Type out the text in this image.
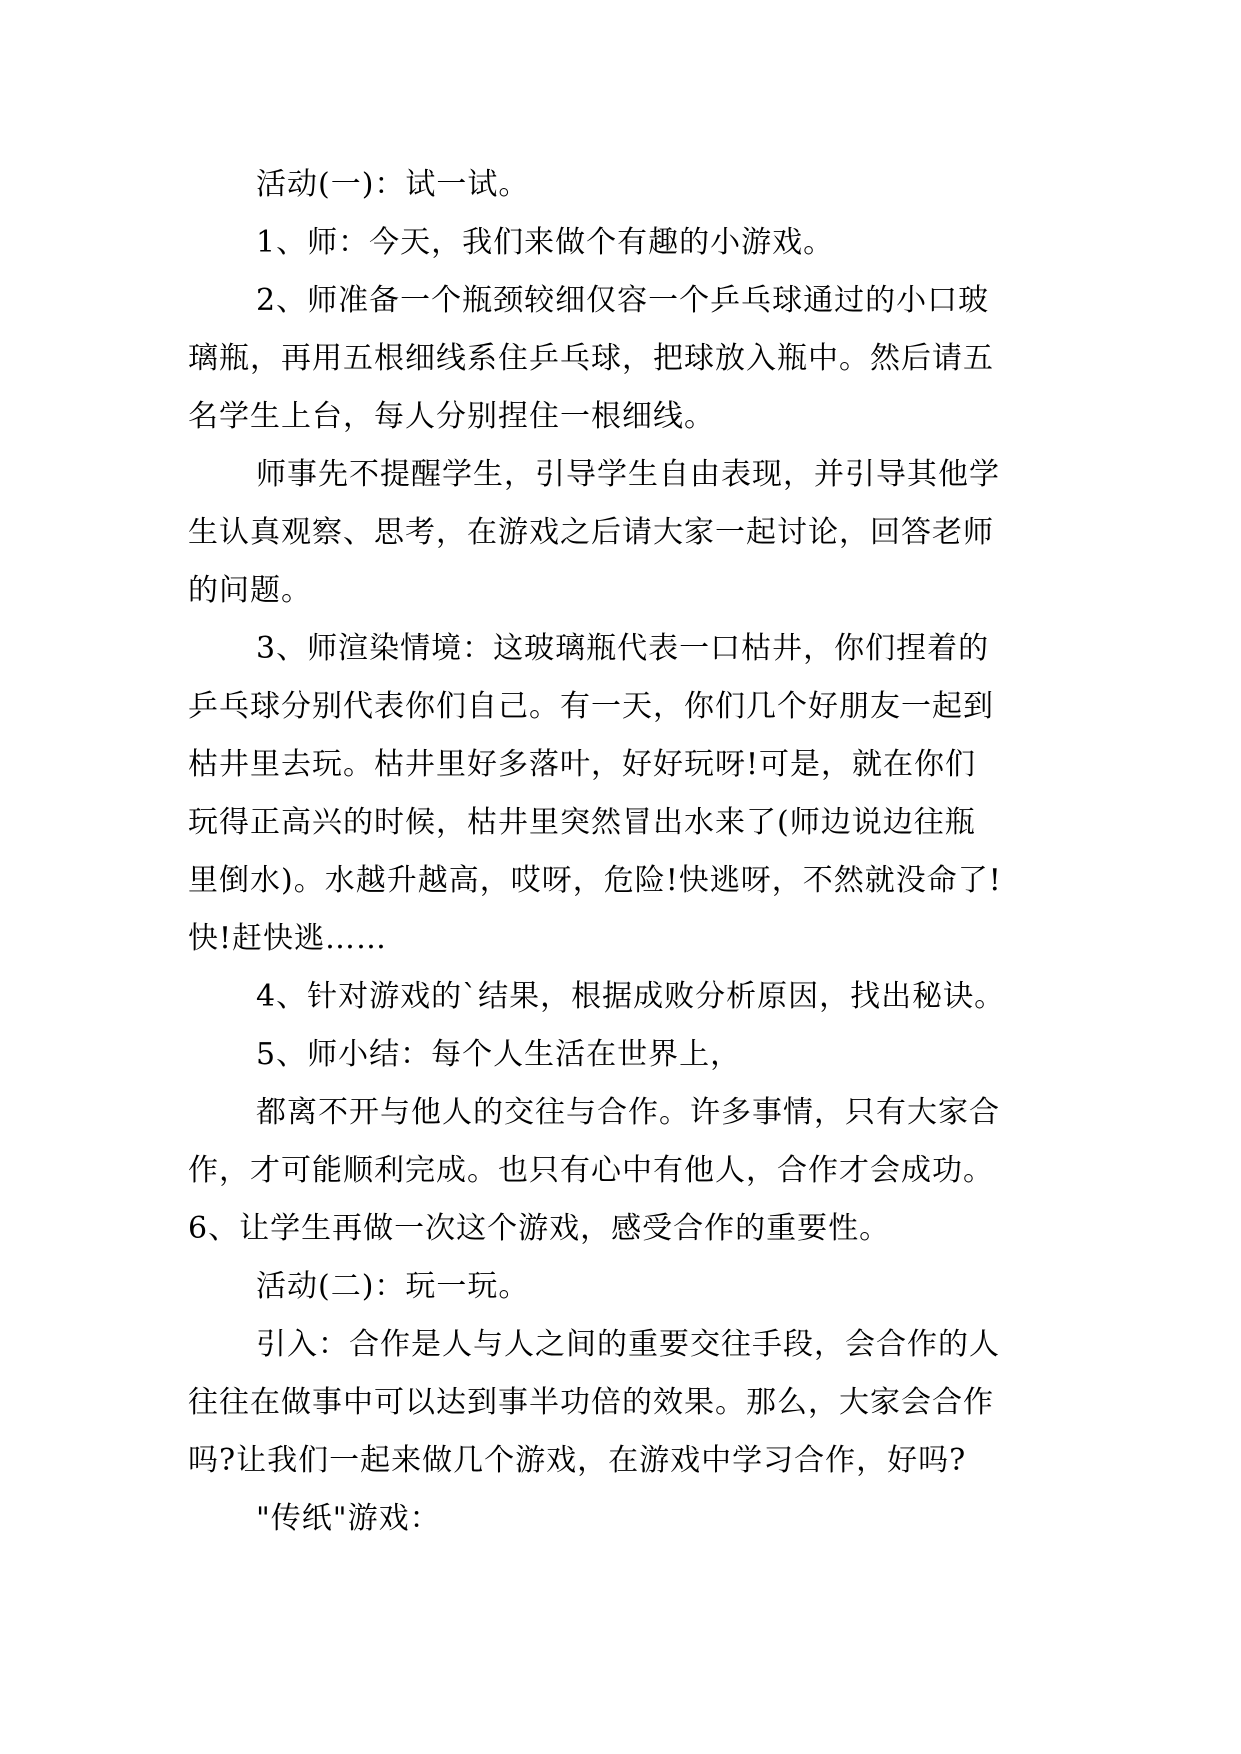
活动(一)：试一试。
1、师：今天，我们来做个有趣的小游戏。
2、师准备一个瓶颈较细仅容一个乒乓球通过的小口玻
璃瓶，再用五根细线系住乒乓球，把球放入瓶中。然后请五
名学生上台，每人分别捏住一根细线。
师事先不提醒学生，引导学生自由表现，并引导其他学
生认真观察、思考，在游戏之后请大家一起讨论，回答老师
的问题。
3、师渲染情境：这玻璃瓶代表一口枯井，你们捏着的
乒乓球分别代表你们自己。有一天，你们几个好朋友一起到
枯井里去玩。枯井里好多落叶，好好玩呀!可是，就在你们
玩得正高兴的时候，枯井里突然冒出水来了(师边说边往瓶
里倒水)。水越升越高，哎呀，危险!快逃呀，不然就没命了!
快!赶快逃……
4、针对游戏的`结果，根据成败分析原因，找出秘诀。
5、师小结：每个人生活在世界上，
都离不开与他人的交往与合作。许多事情，只有大家合
作，才可能顺利完成。也只有心中有他人，合作才会成功。
6、让学生再做一次这个游戏，感受合作的重要性。
活动(二)：玩一玩。
引入：合作是人与人之间的重要交往手段，会合作的人
往往在做事中可以达到事半功倍的效果。那么，大家会合作
吗?让我们一起来做几个游戏，在游戏中学习合作，好吗?
"传纸"游戏：
